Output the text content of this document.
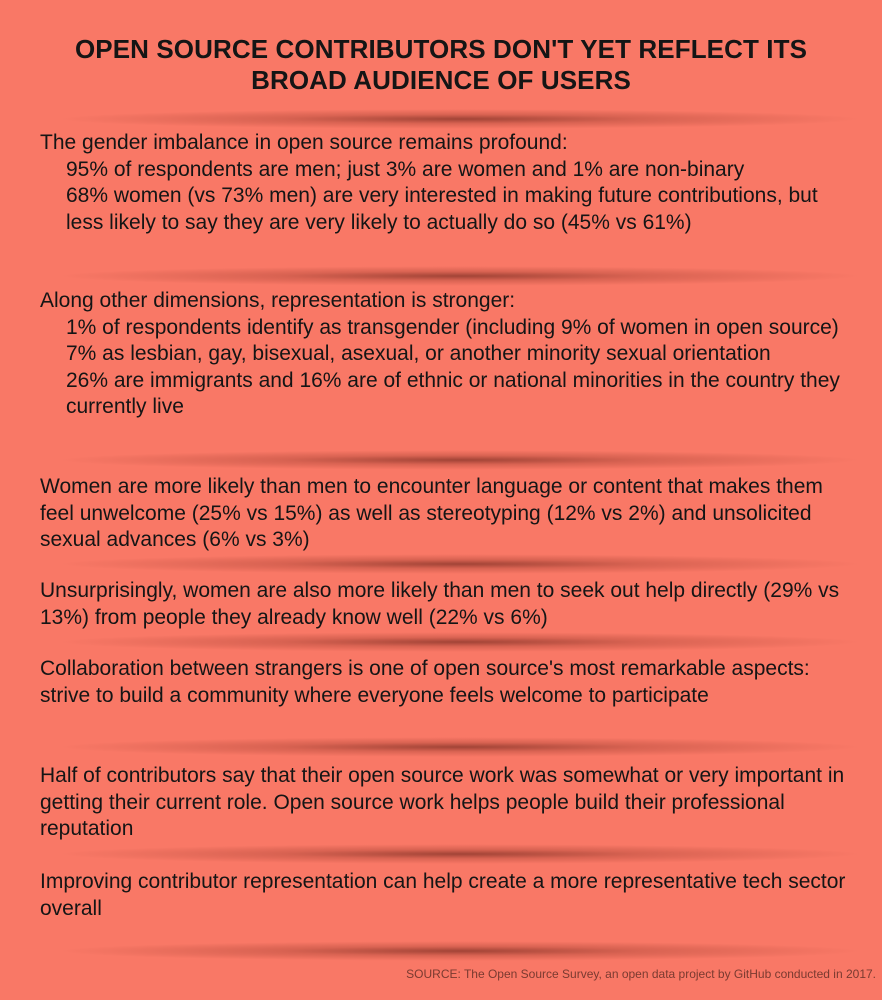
OPEN SOURCE CONTRIBUTORS DON'T YET REFLECT ITS
BROAD AUDIENCE OF USERS

The gender imbalance in open source remains profound:

95% of respondents are men; just 3% are women and 1% are non-binary

68% women (vs 73% men) are very interested in making future contributions, but less likely to say they are very likely to actually do so (45% vs 61%)

Along other dimensions, representation is stronger:

1% of respondents identify as transgender (including 9% of women in open source)

7% as lesbian, gay, bisexual, asexual, or another minority sexual orientation

26% are immigrants and 16% are of ethnic or national minorities in the country they currently live

Women are more likely than men to encounter language or content that makes them feel unwelcome (25% vs 15%) as well as stereotyping (12% vs 2%) and unsolicited sexual advances (6% vs 3%)

Unsurprisingly, women are also more likely than men to seek out help directly (29% vs 13%) from people they already know well (22% vs 6%)

Collaboration between strangers is one of open source's most remarkable aspects: strive to build a community where everyone feels welcome to participate

Half of contributors say that their open source work was somewhat or very important in getting their current role. Open source work helps people build their professional reputation

Improving contributor representation can help create a more representative tech sector overall

SOURCE: The Open Source Survey, an open data project by GitHub conducted in 2017.
